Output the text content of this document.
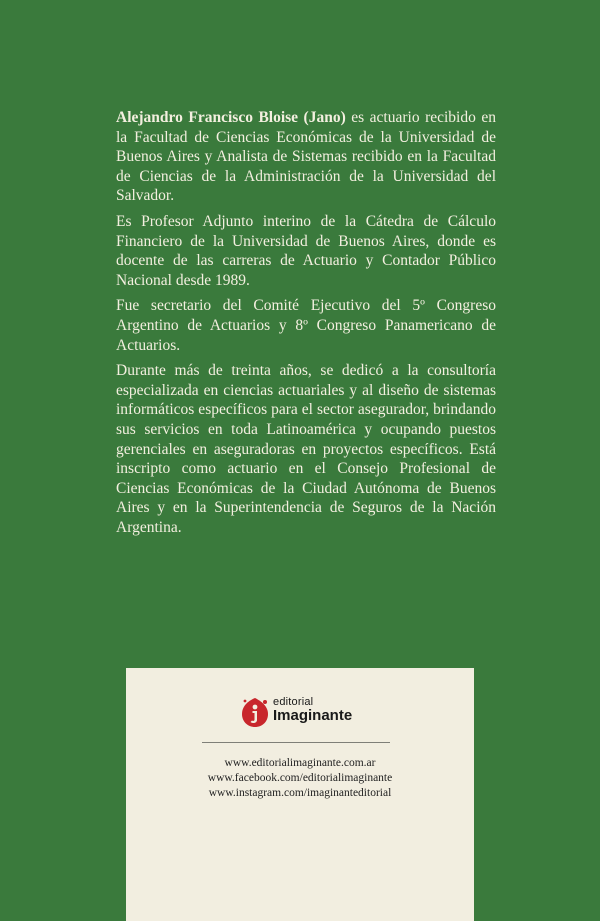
Alejandro Francisco Bloise (Jano) es actuario recibido en la Facultad de Ciencias Económicas de la Universidad de Buenos Aires y Analista de Sistemas recibido en la Facultad de Ciencias de la Administración de la Universidad del Salvador.

Es Profesor Adjunto interino de la Cátedra de Cálculo Financiero de la Universidad de Buenos Aires, donde es docente de las carreras de Actuario y Contador Público Nacional desde 1989.

Fue secretario del Comité Ejecutivo del 5º Congreso Argentino de Actuarios y 8º Congreso Panamericano de Actuarios.

Durante más de treinta años, se dedicó a la consultoría especializada en ciencias actuariales y al diseño de sistemas informáticos específicos para el sector asegurador, brindando sus servicios en toda Latinoamérica y ocupando puestos gerenciales en aseguradoras en proyectos específicos. Está inscripto como actuario en el Consejo Profesional de Ciencias Económicas de la Ciudad Autónoma de Buenos Aires y en la Superintendencia de Seguros de la Nación Argentina.

editorial
Imaginante
www.editorialimaginante.com.ar
www.facebook.com/editorialimaginante
www.instagram.com/imaginanteditorial
